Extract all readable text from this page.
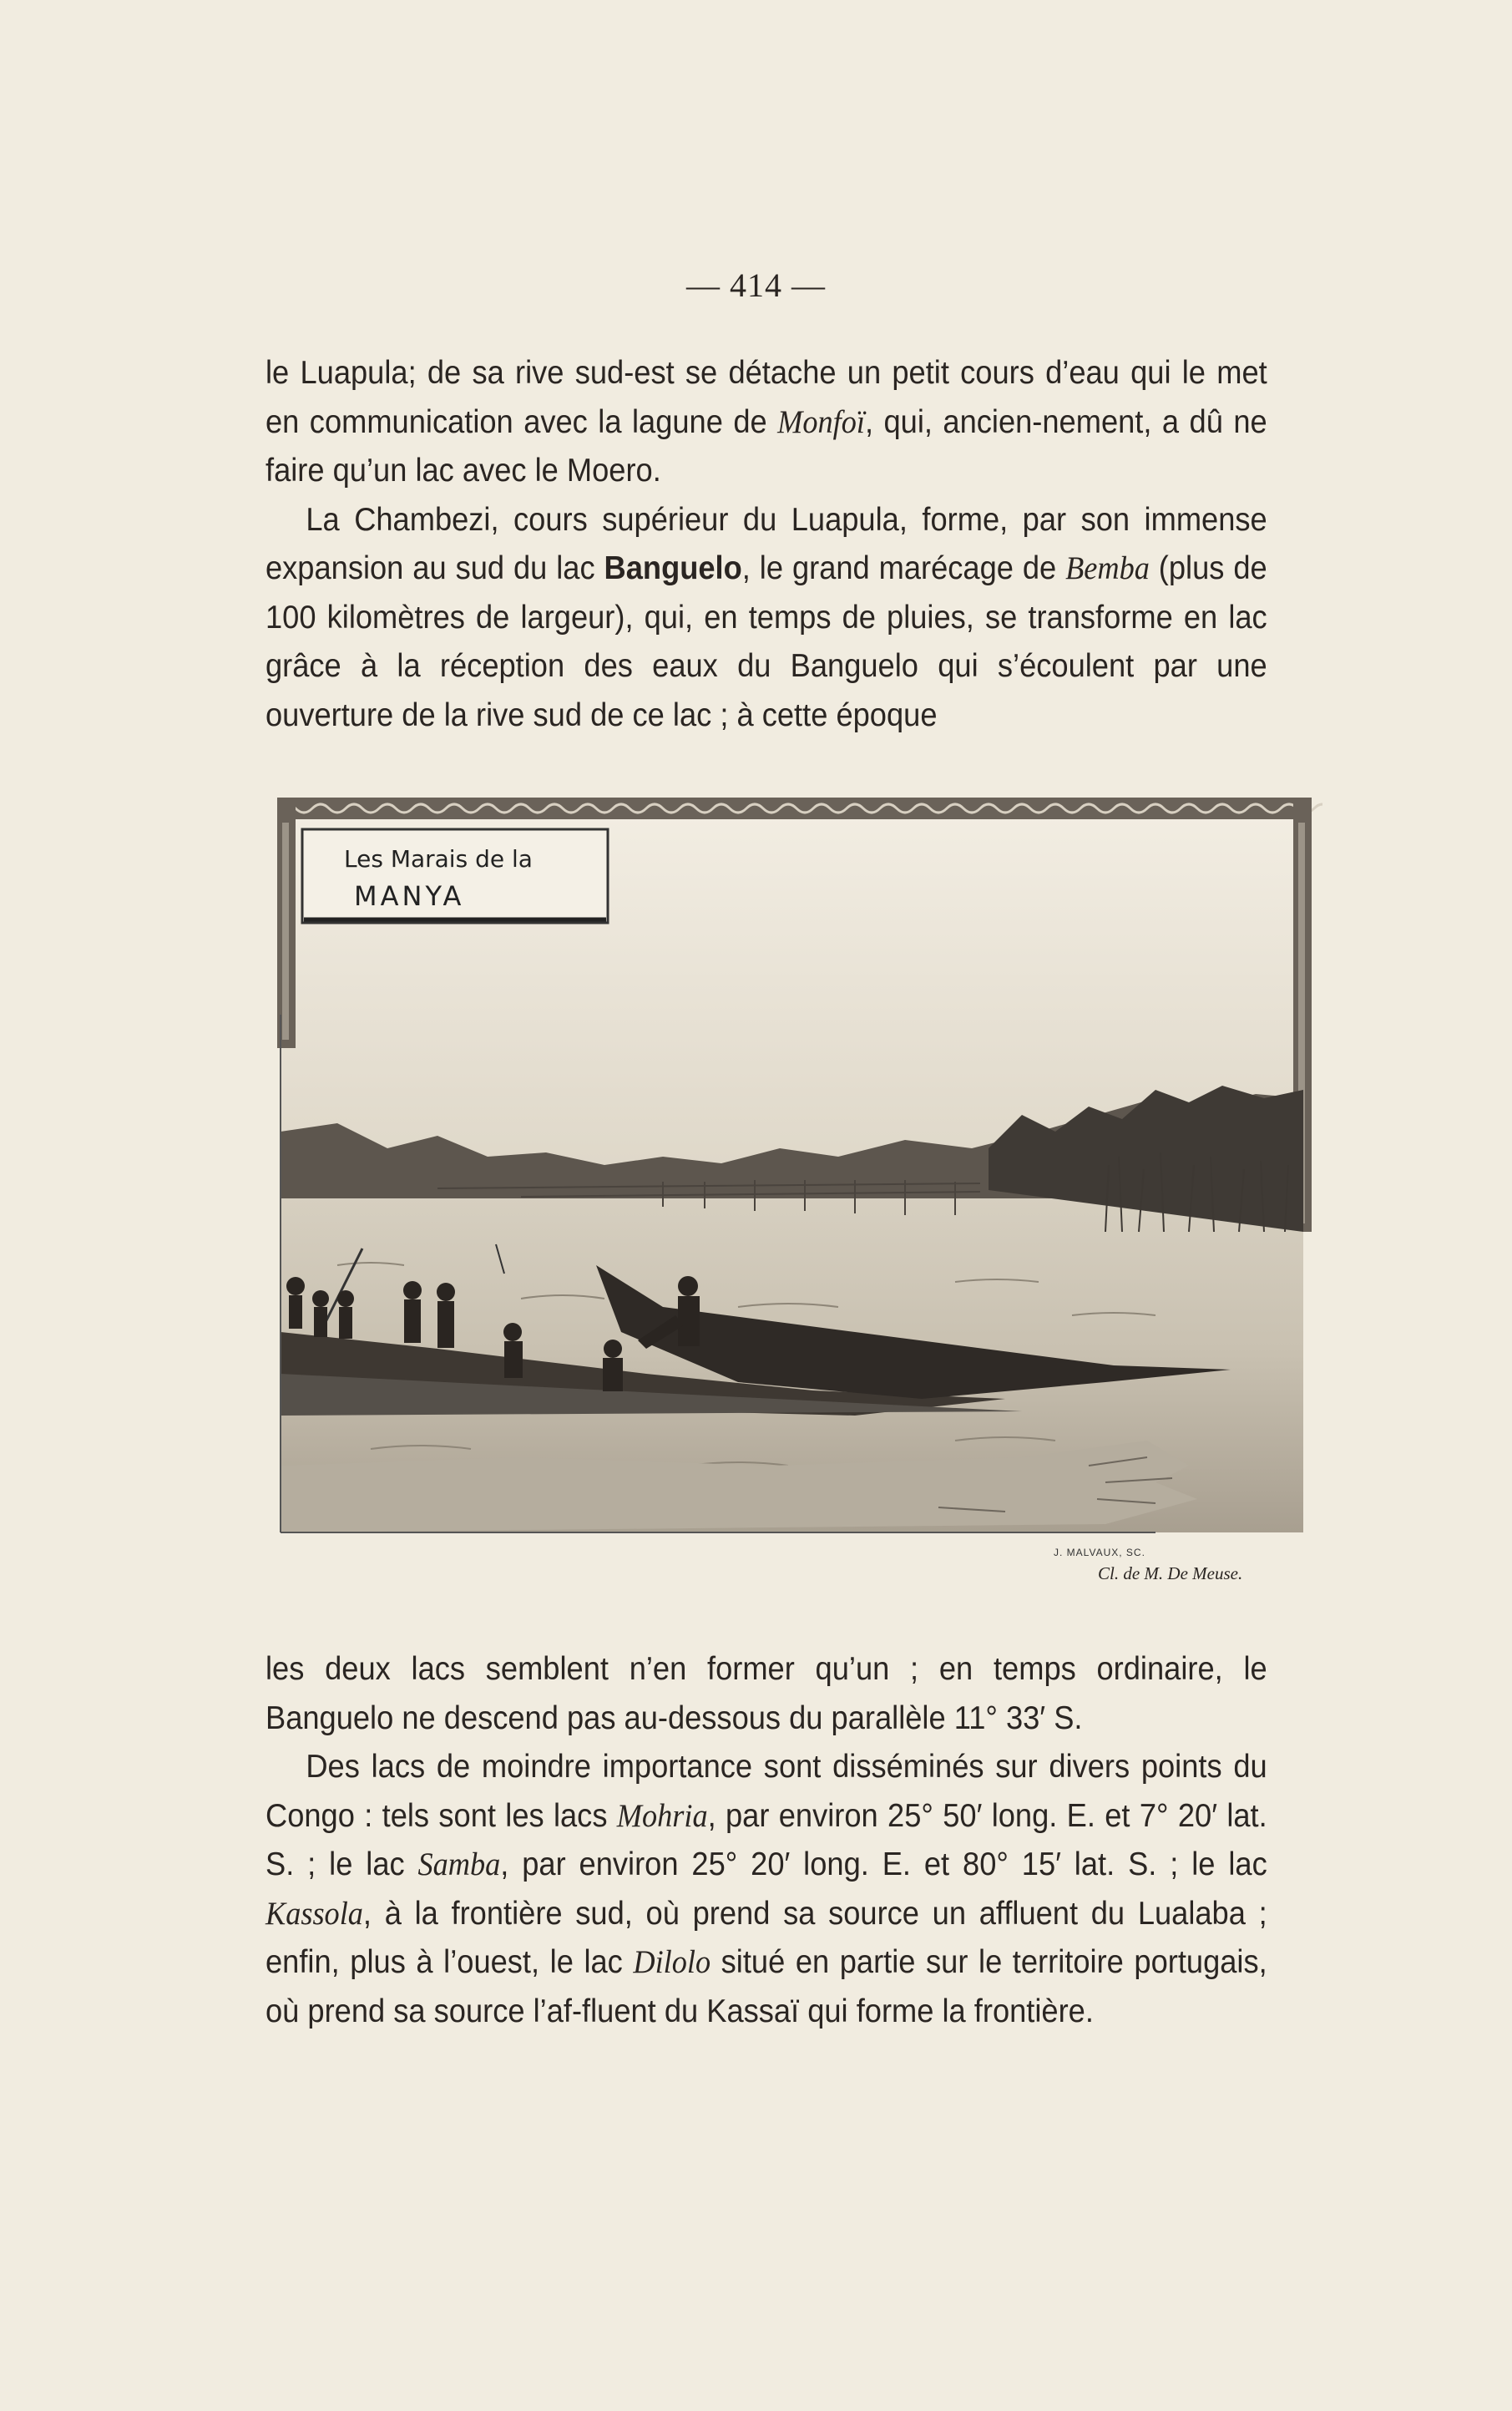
— 414 —

le Luapula; de sa rive sud-est se détache un petit cours d’eau qui le met en communication avec la lagune de Monfoï, qui, ancien-nement, a dû ne faire qu’un lac avec le Moero.

La Chambezi, cours supérieur du Luapula, forme, par son immense expansion au sud du lac Banguelo, le grand marécage de Bemba (plus de 100 kilomètres de largeur), qui, en temps de pluies, se transforme en lac grâce à la réception des eaux du Banguelo qui s’écoulent par une ouverture de la rive sud de ce lac ; à cette époque

Les Marais de la
MANYA
J. MALVAUX, SC.
Cl. de M. De Meuse.

les deux lacs semblent n’en former qu’un ; en temps ordinaire, le Banguelo ne descend pas au-dessous du parallèle 11° 33′ S.

Des lacs de moindre importance sont disséminés sur divers points du Congo : tels sont les lacs Mohria, par environ 25° 50′ long. E. et 7° 20′ lat. S. ; le lac Samba, par environ 25° 20′ long. E. et 80° 15′ lat. S. ; le lac Kassola, à la frontière sud, où prend sa source un affluent du Lualaba ; enfin, plus à l’ouest, le lac Dilolo situé en partie sur le territoire portugais, où prend sa source l’af-fluent du Kassaï qui forme la frontière.
